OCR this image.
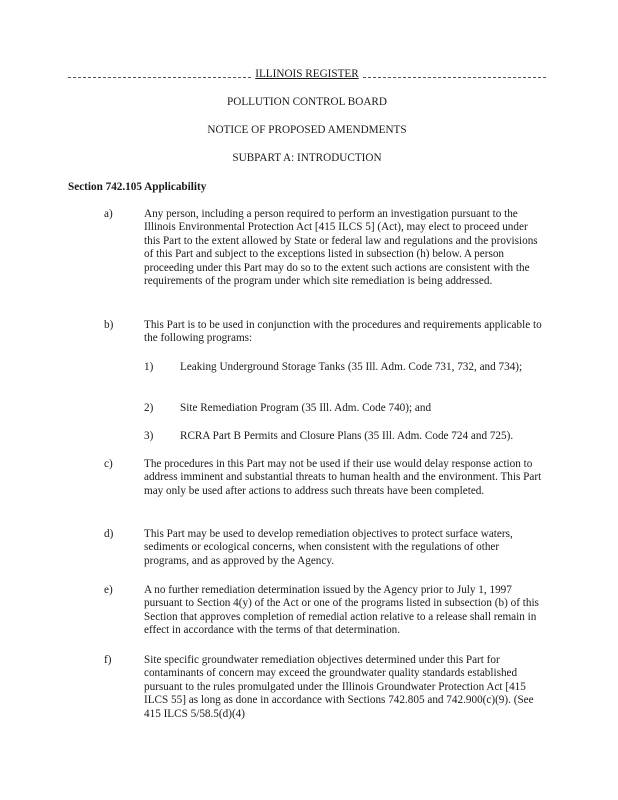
ILLINOIS REGISTER
POLLUTION CONTROL BOARD
NOTICE OF PROPOSED AMENDMENTS
SUBPART A: INTRODUCTION
Section 742.105 Applicability
a)	Any person, including a person required to perform an investigation pursuant to the Illinois Environmental Protection Act [415 ILCS 5] (Act), may elect to proceed under this Part to the extent allowed by State or federal law and regulations and the provisions of this Part and subject to the exceptions listed in subsection (h) below. A person proceeding under this Part may do so to the extent such actions are consistent with the requirements of the program under which site remediation is being addressed.
b)	This Part is to be used in conjunction with the procedures and requirements applicable to the following programs:
1) Leaking Underground Storage Tanks (35 Ill. Adm. Code 731, 732, and 734);
2) Site Remediation Program (35 Ill. Adm. Code 740); and
3) RCRA Part B Permits and Closure Plans (35 Ill. Adm. Code 724 and 725).
c)	The procedures in this Part may not be used if their use would delay response action to address imminent and substantial threats to human health and the environment. This Part may only be used after actions to address such threats have been completed.
d)	This Part may be used to develop remediation objectives to protect surface waters, sediments or ecological concerns, when consistent with the regulations of other programs, and as approved by the Agency.
e)	A no further remediation determination issued by the Agency prior to July 1, 1997 pursuant to Section 4(y) of the Act or one of the programs listed in subsection (b) of this Section that approves completion of remedial action relative to a release shall remain in effect in accordance with the terms of that determination.
f)	Site specific groundwater remediation objectives determined under this Part for contaminants of concern may exceed the groundwater quality standards established pursuant to the rules promulgated under the Illinois Groundwater Protection Act [415 ILCS 55] as long as done in accordance with Sections 742.805 and 742.900(c)(9). (See 415 ILCS 5/58.5(d)(4)
